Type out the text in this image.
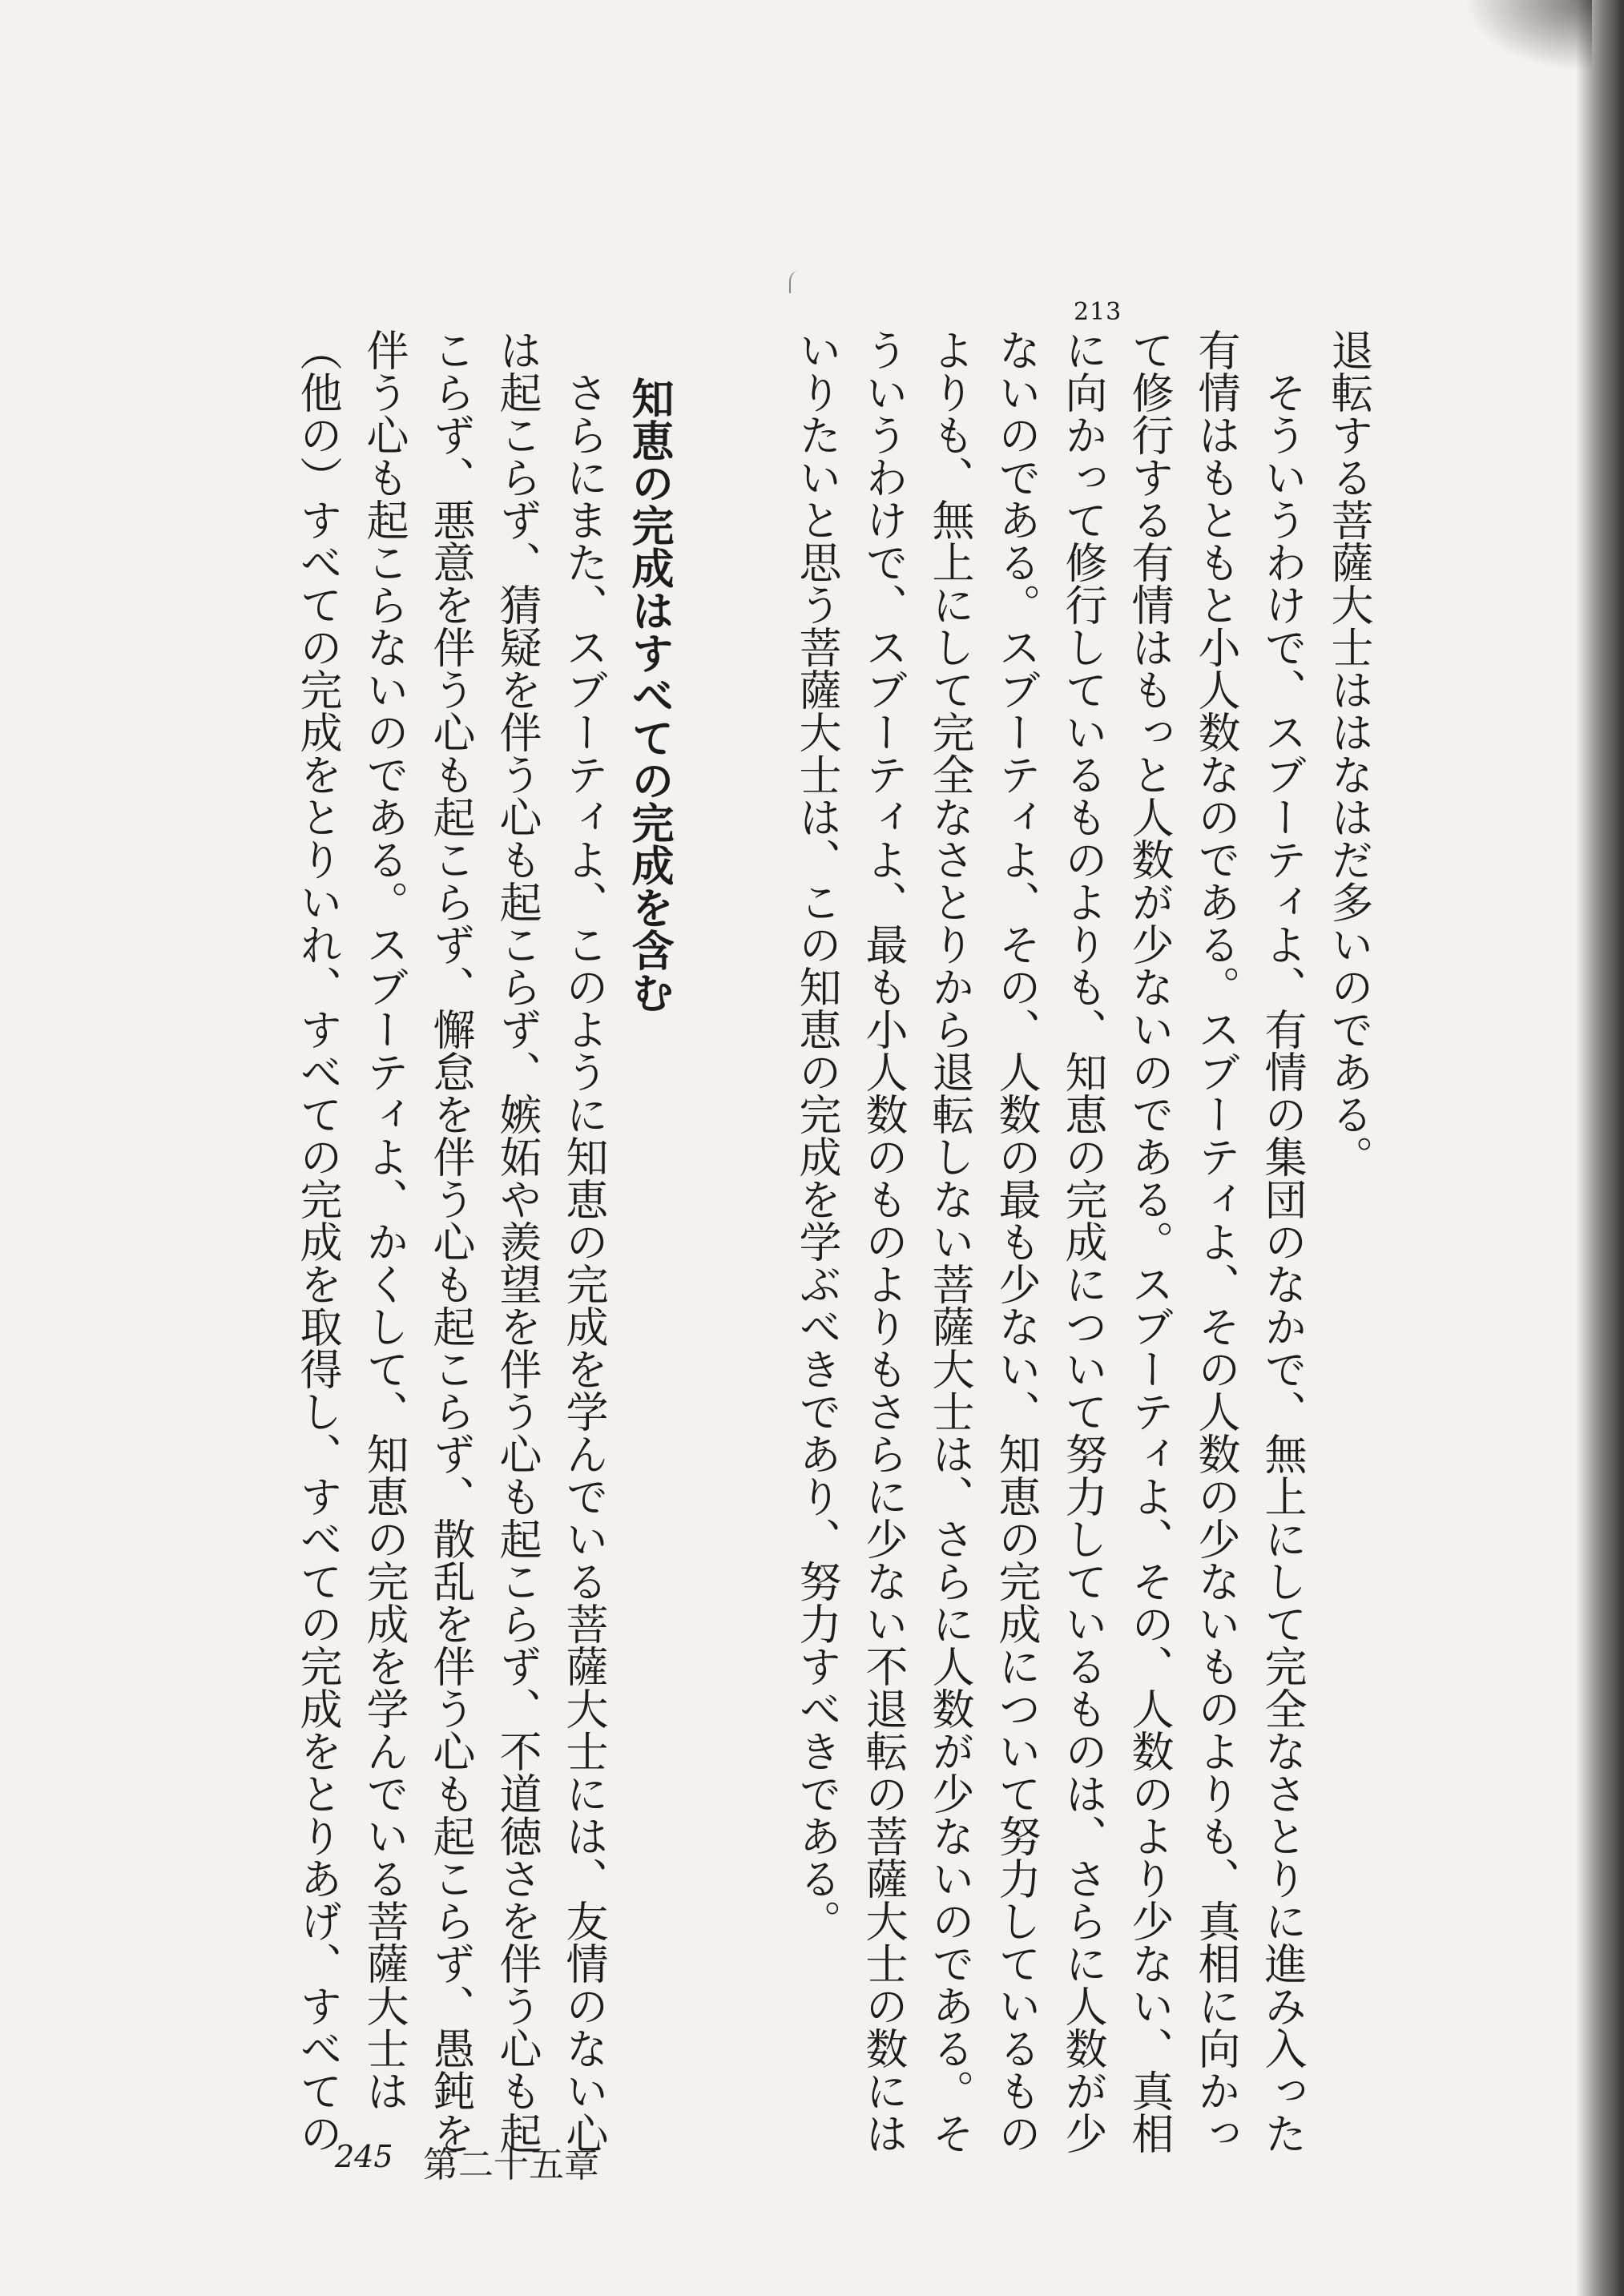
213
退転する菩薩大士ははなはだ多いのである。
　そういうわけで、スブーティよ、有情の集団のなかで、無上にして完全なさとりに進み入った
有情はもともと小人数なのである。スブーティよ、その人数の少ないものよりも、真相に向かっ
て修行する有情はもっと人数が少ないのである。スブーティよ、その、人数のより少ない、真相
に向かって修行しているものよりも、知恵の完成について努力しているものは、さらに人数が少
ないのである。スブーティよ、その、人数の最も少ない、知恵の完成について努力しているもの
よりも、無上にして完全なさとりから退転しない菩薩大士は、さらに人数が少ないのである。そ
ういうわけで、スブーティよ、最も小人数のものよりもさらに少ない不退転の菩薩大士の数には
いりたいと思う菩薩大士は、この知恵の完成を学ぶべきであり、努力すべきである。
知恵の完成はすべての完成を含む
　さらにまた、スブーティよ、このように知恵の完成を学んでいる菩薩大士には、友情のない心
は起こらず、猜疑を伴う心も起こらず、嫉妬や羨望を伴う心も起こらず、不道徳さを伴う心も起
こらず、悪意を伴う心も起こらず、懈怠を伴う心も起こらず、散乱を伴う心も起こらず、愚鈍を
伴う心も起こらないのである。スブーティよ、かくして、知恵の完成を学んでいる菩薩大士は
（他の）すべての完成をとりいれ、すべての完成を取得し、すべての完成をとりあげ、すべての
245 第二十五章
